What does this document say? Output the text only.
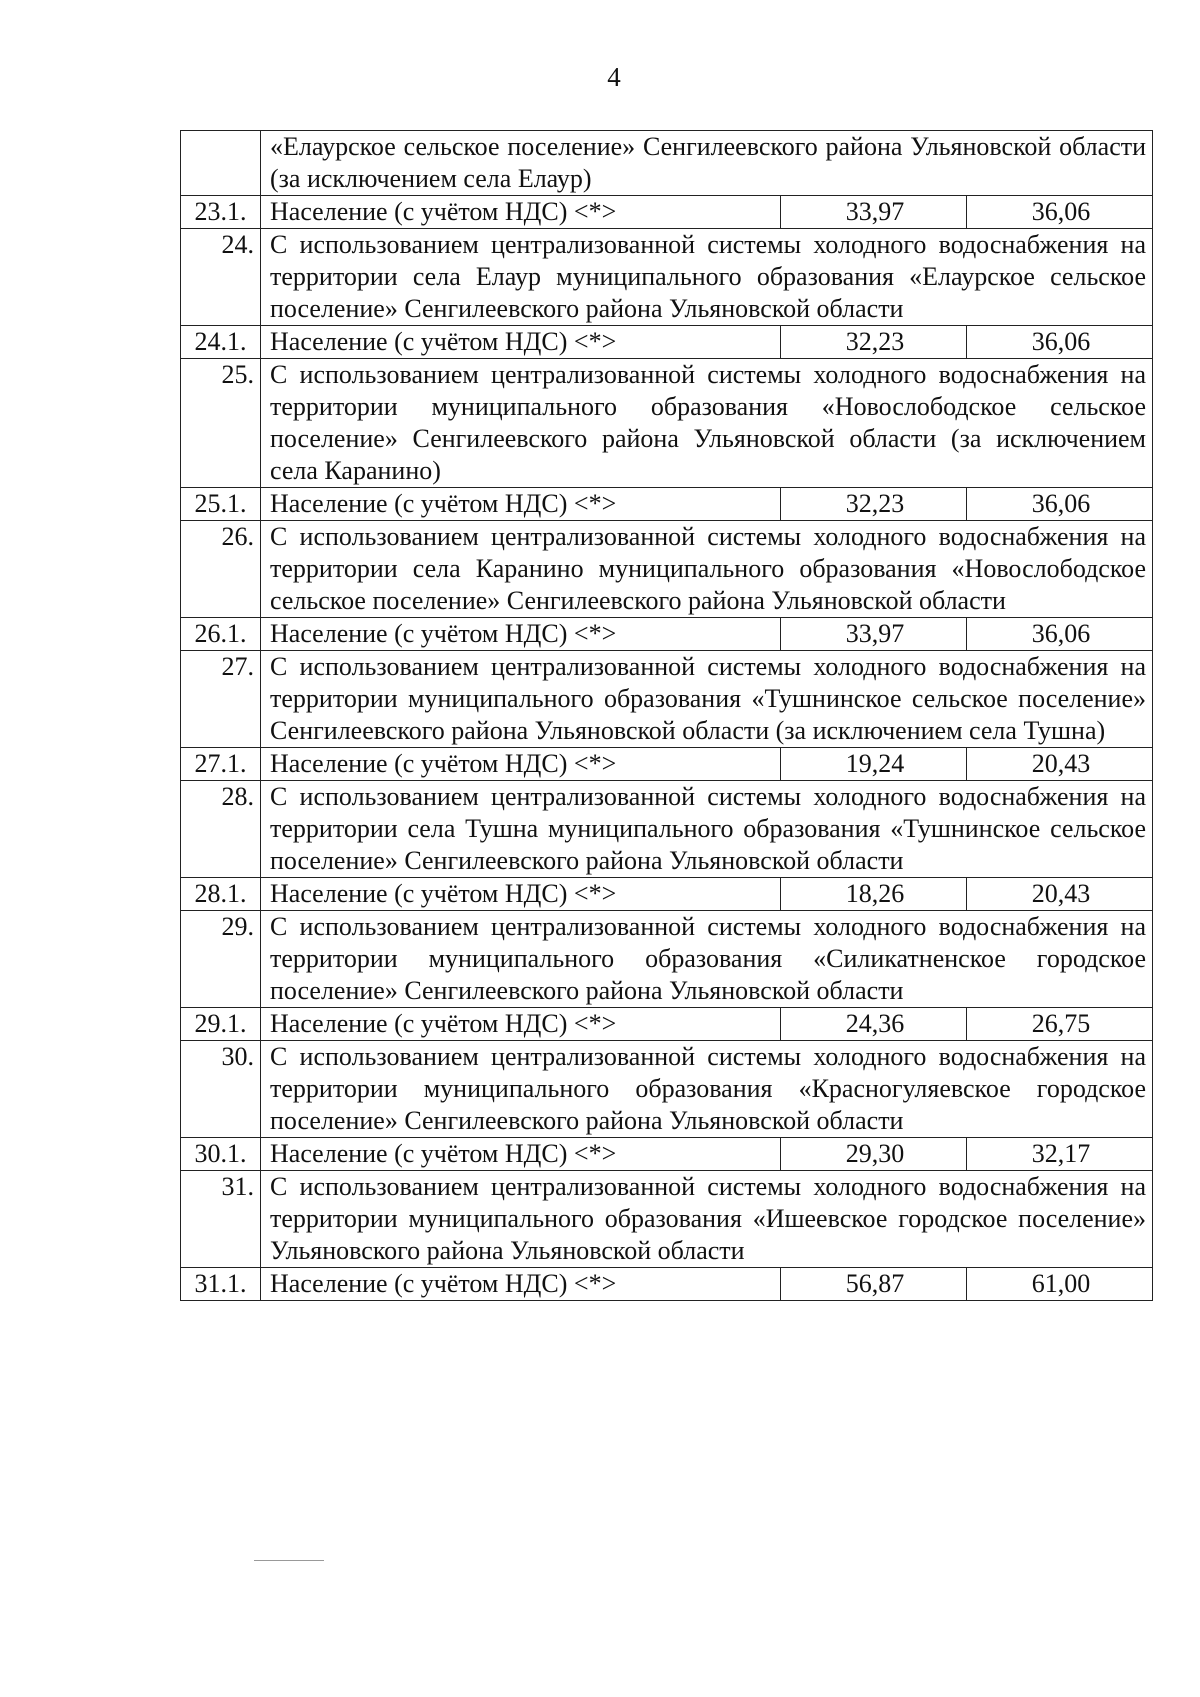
4
	«Елаурское сельское поселение» Сенгилеевского района Ульяновской области (за исключением села Елаур)		
23.1.	Население (с учётом НДС) <*>	33,97	36,06
24.	С использованием централизованной системы холодного водоснабжения на территории села Елаур муниципального образования «Елаурское сельское поселение» Сенгилеевского района Ульяновской области		
24.1.	Население (с учётом НДС) <*>	32,23	36,06
25.	С использованием централизованной системы холодного водоснабжения на территории муниципального образования «Новослободское сельское поселение» Сенгилеевского района Ульяновской области (за исключением села Каранино)		
25.1.	Население (с учётом НДС) <*>	32,23	36,06
26.	С использованием централизованной системы холодного водоснабжения на территории села Каранино муниципального образования «Новослободское сельское поселение» Сенгилеевского района Ульяновской области		
26.1.	Население (с учётом НДС) <*>	33,97	36,06
27.	С использованием централизованной системы холодного водоснабжения на территории муниципального образования «Тушнинское сельское поселение» Сенгилеевского района Ульяновской области (за исключением села Тушна)		
27.1.	Население (с учётом НДС) <*>	19,24	20,43
28.	С использованием централизованной системы холодного водоснабжения на территории села Тушна муниципального образования «Тушнинское сельское поселение» Сенгилеевского района Ульяновской области		
28.1.	Население (с учётом НДС) <*>	18,26	20,43
29.	С использованием централизованной системы холодного водоснабжения на территории муниципального образования «Силикатненское городское поселение» Сенгилеевского района Ульяновской области		
29.1.	Население (с учётом НДС) <*>	24,36	26,75
30.	С использованием централизованной системы холодного водоснабжения на территории муниципального образования «Красногуляевское городское поселение» Сенгилеевского района Ульяновской области		
30.1.	Население (с учётом НДС) <*>	29,30	32,17
31.	С использованием централизованной системы холодного водоснабжения на территории муниципального образования «Ишеевское городское поселение» Ульяновского района Ульяновской области		
31.1.	Население (с учётом НДС) <*>	56,87	61,00
